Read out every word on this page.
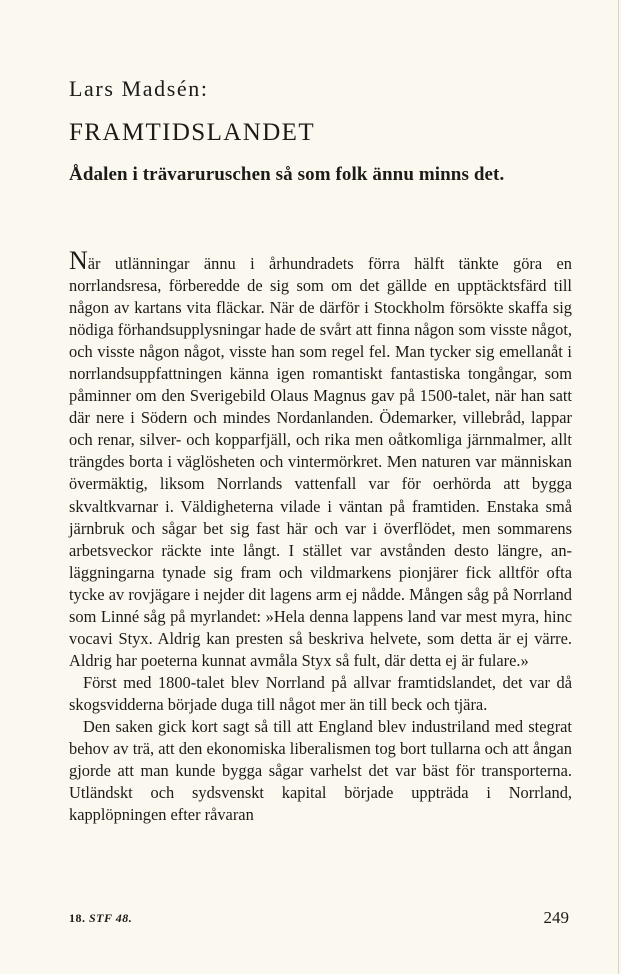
Lars Madsén:
FRAMTIDSLANDET
Ådalen i trävaruruschen så som folk ännu minns det.

När utlänningar ännu i århundradets förra hälft tänkte göra en norrlandsresa, förberedde de sig som om det gällde en upptäcktsfärd till någon av kartans vita fläckar. När de därför i Stockholm försökte skaffa sig nödiga förhandsupplysningar hade de svårt att finna någon som visste något, och visste någon något, visste han som regel fel. Man tycker sig emellanåt i norrlandsuppfattningen känna igen romantiskt fantastiska tongångar, som påminner om den Sverigebild Olaus Magnus gav på 1500-talet, när han satt där nere i Södern och mindes Nordanlanden. Ödemarker, villebråd, lappar och renar, silver- och kopparfjäll, och rika men oåtkomliga järnmalmer, allt trängdes borta i väglösheten och vintermörkret. Men naturen var människan övermäktig, liksom Norrlands vattenfall var för oerhörda att bygga skvaltkvarnar i. Väldigheterna vilade i väntan på framtiden. Enstaka små järnbruk och sågar bet sig fast här och var i överflödet, men sommarens arbetsveckor räckte inte långt. I stället var avstånden desto längre, anläggningarna tynade sig fram och vildmarkens pionjärer fick alltför ofta tycke av rovjägare i nejder dit lagens arm ej nådde. Mången såg på Norrland som Linné såg på myrlandet: »Hela denna lappens land var mest myra, hinc vocavi Styx. Aldrig kan presten så beskriva helvete, som detta är ej värre. Aldrig har poeterna kunnat avmåla Styx så fult, där detta ej är fulare.»

Först med 1800-talet blev Norrland på allvar framtidslandet, det var då skogsvidderna började duga till något mer än till beck och tjära.

Den saken gick kort sagt så till att England blev industriland med stegrat behov av trä, att den ekonomiska liberalismen tog bort tullarna och att ångan gjorde att man kunde bygga sågar varhelst det var bäst för transporterna. Utländskt och sydsvenskt kapital började uppträda i Norrland, kapplöpningen efter råvaran

18. STF 48.	249
